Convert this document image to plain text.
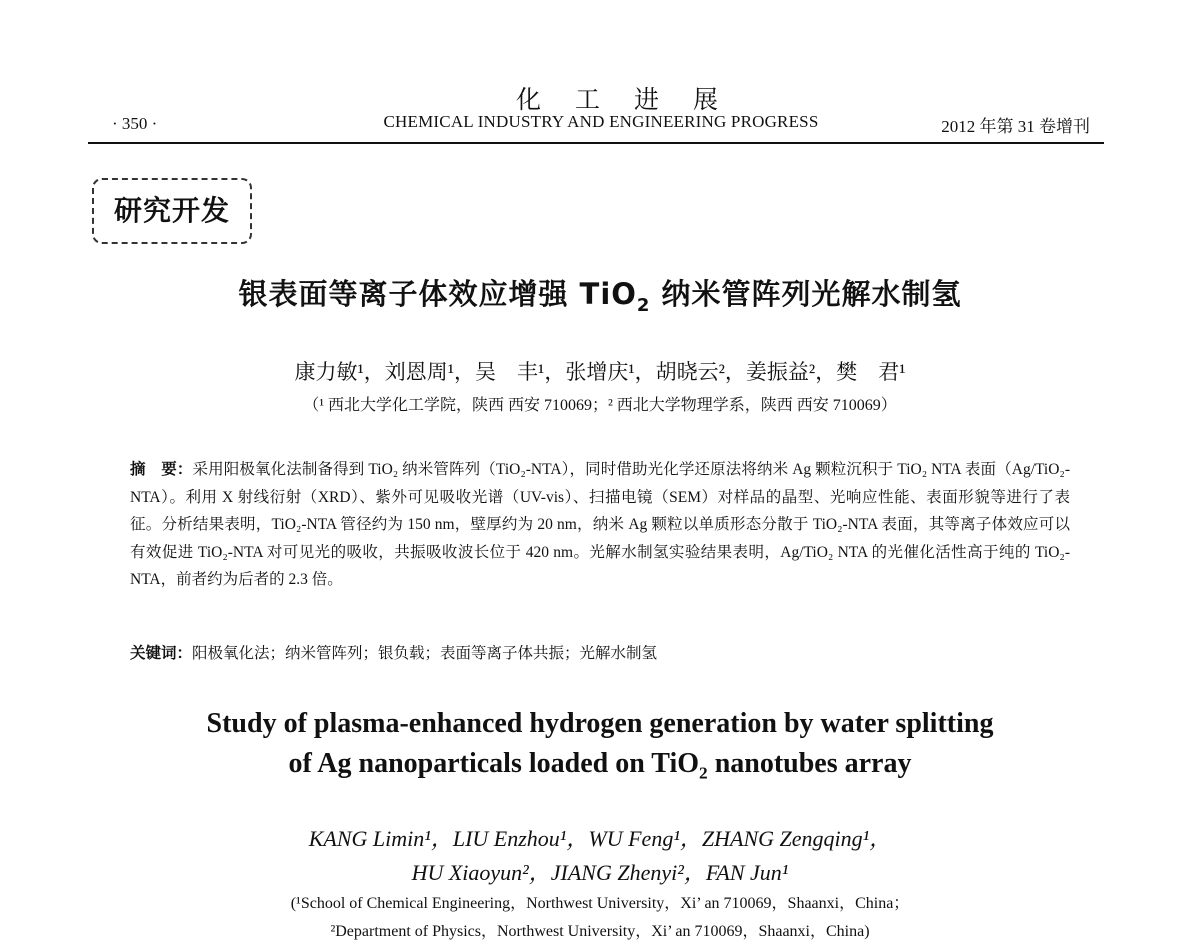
化工进展
CHEMICAL INDUSTRY AND ENGINEERING PROGRESS
· 350 ·	2012 年第 31 卷增刊
研究开发
银表面等离子体效应增强 TiO$_2$ 纳米管阵列光解水制氢
康力敏¹，刘恩周¹，吴　丰¹，张增庆¹，胡晓云²，姜振益²，樊　君¹
（¹ 西北大学化工学院，陕西 西安 710069；² 西北大学物理学系，陕西 西安 710069）
摘　要：采用阳极氧化法制备得到 TiO₂ 纳米管阵列（TiO₂-NTA），同时借助光化学还原法将纳米 Ag 颗粒沉积于 TiO₂ NTA 表面（Ag/TiO₂-NTA）。利用 X 射线衍射（XRD）、紫外可见吸收光谱（UV-vis）、扫描电镜（SEM）对样品的晶型、光响应性能、表面形貌等进行了表征。分析结果表明，TiO₂-NTA 管径约为 150 nm，壁厚约为 20 nm，纳米 Ag 颗粒以单质形态分散于 TiO₂-NTA 表面，其等离子体效应可以有效促进 TiO₂-NTA 对可见光的吸收，共振吸收波长位于 420 nm。光解水制氢实验结果表明，Ag/TiO₂ NTA 的光催化活性高于纯的 TiO₂-NTA，前者约为后者的 2.3 倍。
关键词：阳极氧化法；纳米管阵列；银负载；表面等离子体共振；光解水制氢
Study of plasma-enhanced hydrogen generation by water splitting
of Ag nanoparticals loaded on TiO$_2$ nanotubes array
KANG Limin¹，LIU Enzhou¹，WU Feng¹，ZHANG Zengqing¹，
HU Xiaoyun²，JIANG Zhenyi²，FAN Jun¹
(¹School of Chemical Engineering，Northwest University，Xi’ an 710069，Shaanxi，China；
²Department of Physics，Northwest University，Xi’ an 710069，Shaanxi，China)
